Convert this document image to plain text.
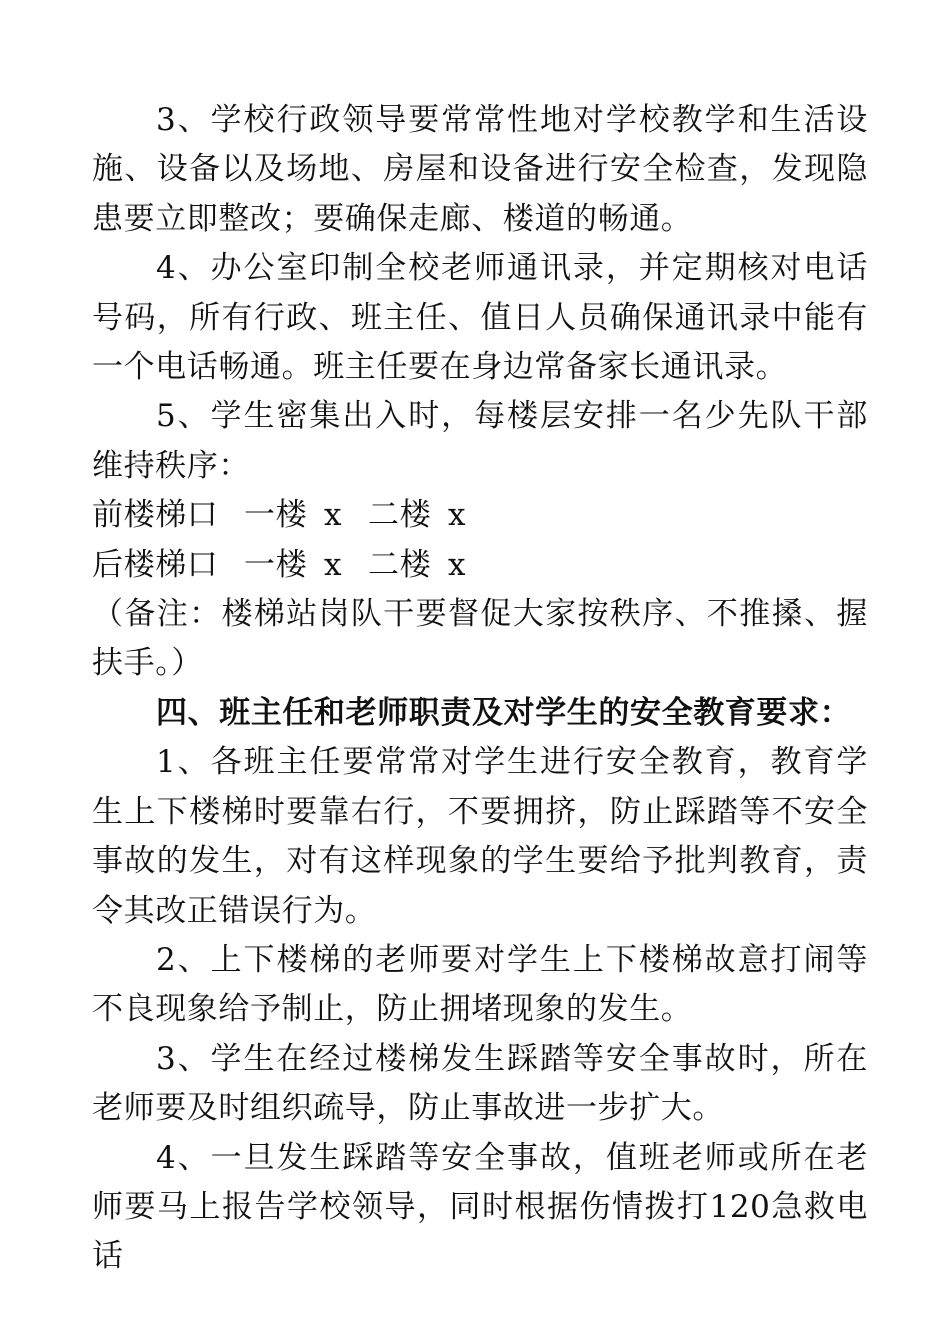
3、学校行政领导要常常性地对学校教学和生活设施、设备以及场地、房屋和设备进行安全检查，发现隐患要立即整改；要确保走廊、楼道的畅通。

4、办公室印制全校老师通讯录，并定期核对电话号码，所有行政、班主任、值日人员确保通讯录中能有一个电话畅通。班主任要在身边常备家长通讯录。

5、学生密集出入时，每楼层安排一名少先队干部维持秩序：

前楼梯口 一楼 x 二楼 x
后楼梯口 一楼 x 二楼 x

（备注：楼梯站岗队干要督促大家按秩序、不推搡、握扶手。）

四、班主任和老师职责及对学生的安全教育要求：

1、各班主任要常常对学生进行安全教育，教育学生上下楼梯时要靠右行，不要拥挤，防止踩踏等不安全事故的发生，对有这样现象的学生要给予批判教育，责令其改正错误行为。

2、上下楼梯的老师要对学生上下楼梯故意打闹等不良现象给予制止，防止拥堵现象的发生。

3、学生在经过楼梯发生踩踏等安全事故时，所在老师要及时组织疏导，防止事故进一步扩大。

4、一旦发生踩踏等安全事故，值班老师或所在老师要马上报告学校领导，同时根据伤情拨打120急救电话
